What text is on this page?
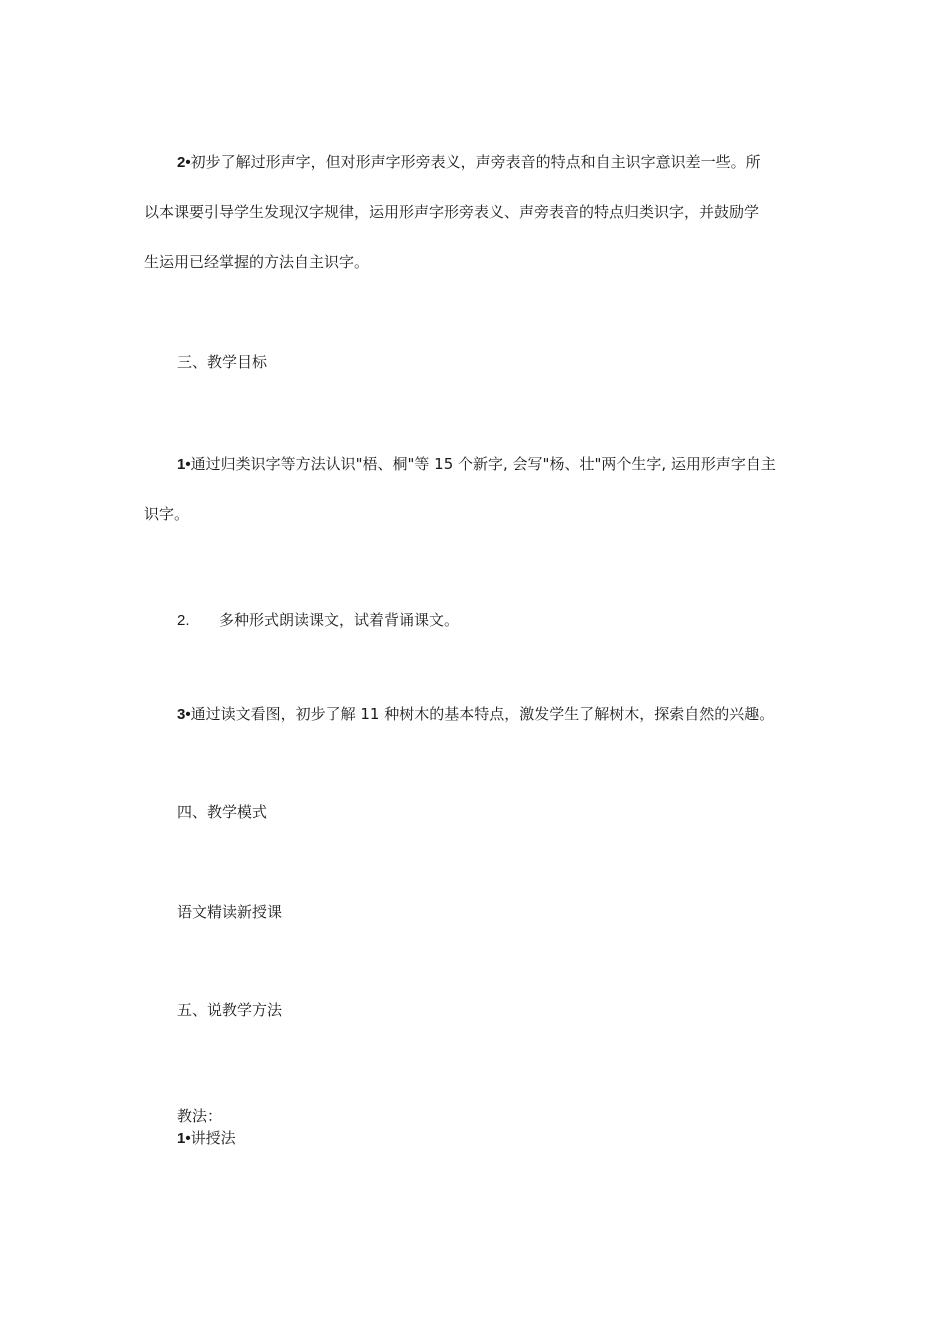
2•初步了解过形声字，但对形声字形旁表义，声旁表音的特点和自主识字意识差一些。所
以本课要引导学生发现汉字规律，运用形声字形旁表义、声旁表音的特点归类识字，并鼓励学
生运用已经掌握的方法自主识字。
三、教学目标
1•通过归类识字等方法认识"梧、桐"等 15 个新字, 会写"杨、壮"两个生字, 运用形声字自主
识字。
2. 多种形式朗读课文，试着背诵课文。
3•通过读文看图，初步了解 11 种树木的基本特点，激发学生了解树木，探索自然的兴趣。
四、教学模式
语文精读新授课
五、说教学方法
教法：
1•讲授法
